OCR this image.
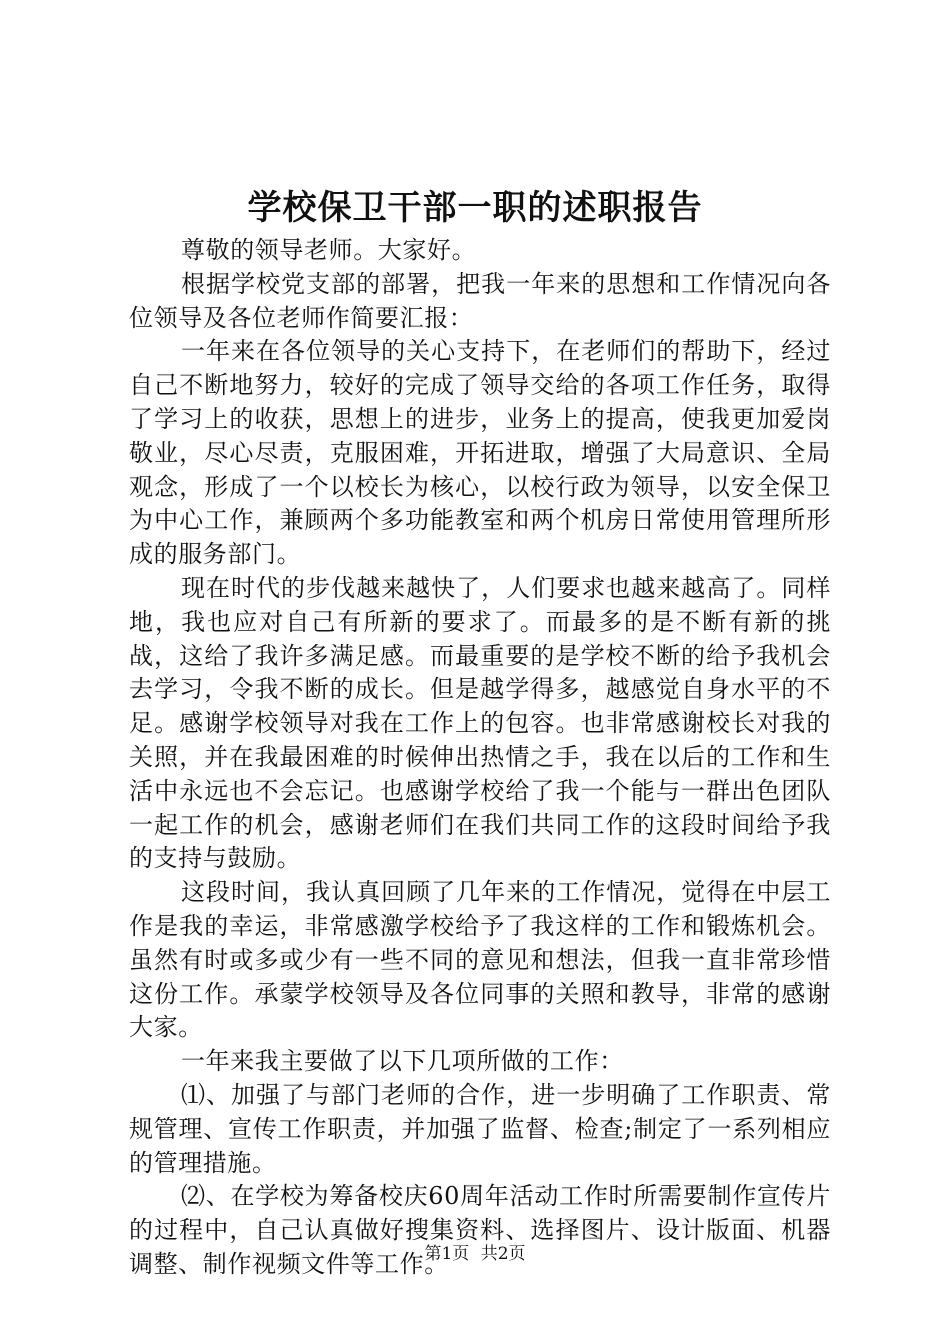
学校保卫干部一职的述职报告

尊敬的领导老师。大家好。

根据学校党支部的部署，把我一年来的思想和工作情况向各位领导及各位老师作简要汇报：

一年来在各位领导的关心支持下，在老师们的帮助下，经过自己不断地努力，较好的完成了领导交给的各项工作任务，取得了学习上的收获，思想上的进步，业务上的提高，使我更加爱岗敬业，尽心尽责，克服困难，开拓进取，增强了大局意识、全局观念，形成了一个以校长为核心，以校行政为领导，以安全保卫为中心工作，兼顾两个多功能教室和两个机房日常使用管理所形成的服务部门。

现在时代的步伐越来越快了，人们要求也越来越高了。同样地，我也应对自己有所新的要求了。而最多的是不断有新的挑战，这给了我许多满足感。而最重要的是学校不断的给予我机会去学习，令我不断的成长。但是越学得多，越感觉自身水平的不足。感谢学校领导对我在工作上的包容。也非常感谢校长对我的关照，并在我最困难的时候伸出热情之手，我在以后的工作和生活中永远也不会忘记。也感谢学校给了我一个能与一群出色团队一起工作的机会，感谢老师们在我们共同工作的这段时间给予我的支持与鼓励。

这段时间，我认真回顾了几年来的工作情况，觉得在中层工作是我的幸运，非常感激学校给予了我这样的工作和锻炼机会。虽然有时或多或少有一些不同的意见和想法，但我一直非常珍惜这份工作。承蒙学校领导及各位同事的关照和教导，非常的感谢大家。

一年来我主要做了以下几项所做的工作：

⑴、加强了与部门老师的合作，进一步明确了工作职责、常规管理、宣传工作职责，并加强了监督、检查;制定了一系列相应的管理措施。

⑵、在学校为筹备校庆60周年活动工作时所需要制作宣传片的过程中，自己认真做好搜集资料、选择图片、设计版面、机器调整、制作视频文件等工作。

第1页 共2页
